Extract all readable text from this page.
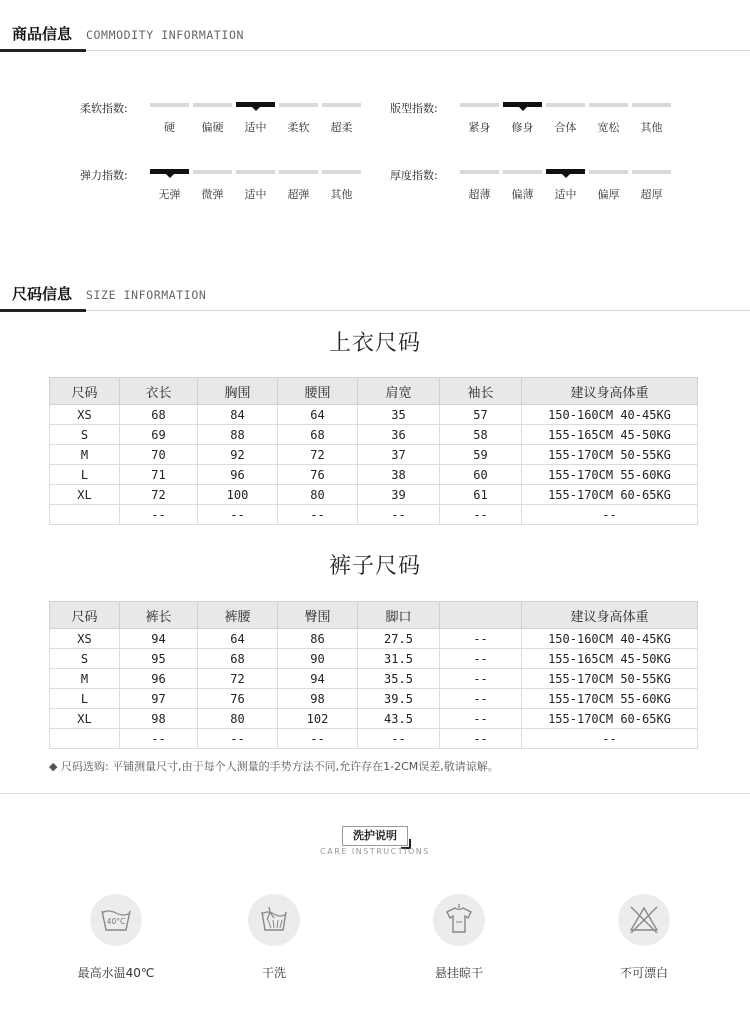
商品信息 COMMODITY INFORMATION
柔软指数:
硬	偏硬	适中	柔软	超柔
版型指数:
紧身	修身	合体	宽松	其他
弹力指数:
无弹	微弹	适中	超弹	其他
厚度指数:
超薄	偏薄	适中	偏厚	超厚
尺码信息 SIZE INFORMATION
上衣尺码
尺码	衣长	胸围	腰围	肩宽	袖长	建议身高体重
XS	68	84	64	35	57	150-160CM 40-45KG
S	69	88	68	36	58	155-165CM 45-50KG
M	70	92	72	37	59	155-170CM 50-55KG
L	71	96	76	38	60	155-170CM 55-60KG
XL	72	100	80	39	61	155-170CM 60-65KG
	--	--	--	--	--	--
裤子尺码
尺码	裤长	裤腰	臀围	脚口		建议身高体重
XS	94	64	86	27.5	--	150-160CM 40-45KG
S	95	68	90	31.5	--	155-165CM 45-50KG
M	96	72	94	35.5	--	155-170CM 50-55KG
L	97	76	98	39.5	--	155-170CM 55-60KG
XL	98	80	102	43.5	--	155-170CM 60-65KG
	--	--	--	--	--	--
◆ 尺码选购: 平铺测量尺寸,由于每个人测量的手势方法不同,允许存在1-2CM误差,敬请谅解。
洗护说明
CARE INSTRUCTIONS
40°C
最高水温40℃	干洗	悬挂晾干	不可漂白
